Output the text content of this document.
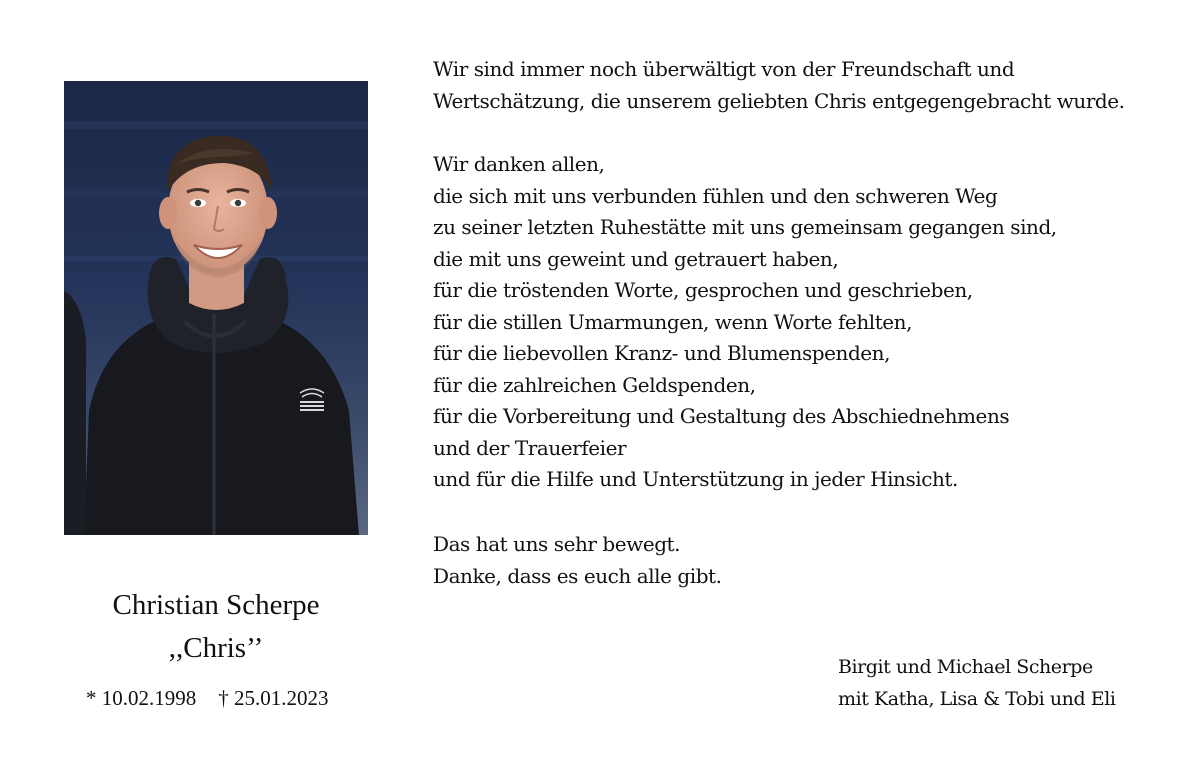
Christian Scherpe
,,Chris’’
* 10.02.1998 † 25.01.2023
Wir sind immer noch überwältigt von der Freundschaft und
Wertschätzung, die unserem geliebten Chris entgegengebracht wurde.
Wir danken allen,
die sich mit uns verbunden fühlen und den schweren Weg
zu seiner letzten Ruhestätte mit uns gemeinsam gegangen sind,
die mit uns geweint und getrauert haben,
für die tröstenden Worte, gesprochen und geschrieben,
für die stillen Umarmungen, wenn Worte fehlten,
für die liebevollen Kranz- und Blumenspenden,
für die zahlreichen Geldspenden,
für die Vorbereitung und Gestaltung des Abschiednehmens
und der Trauerfeier
und für die Hilfe und Unterstützung in jeder Hinsicht.
Das hat uns sehr bewegt.
Danke, dass es euch alle gibt.
Birgit und Michael Scherpe
mit Katha, Lisa & Tobi und Eli
